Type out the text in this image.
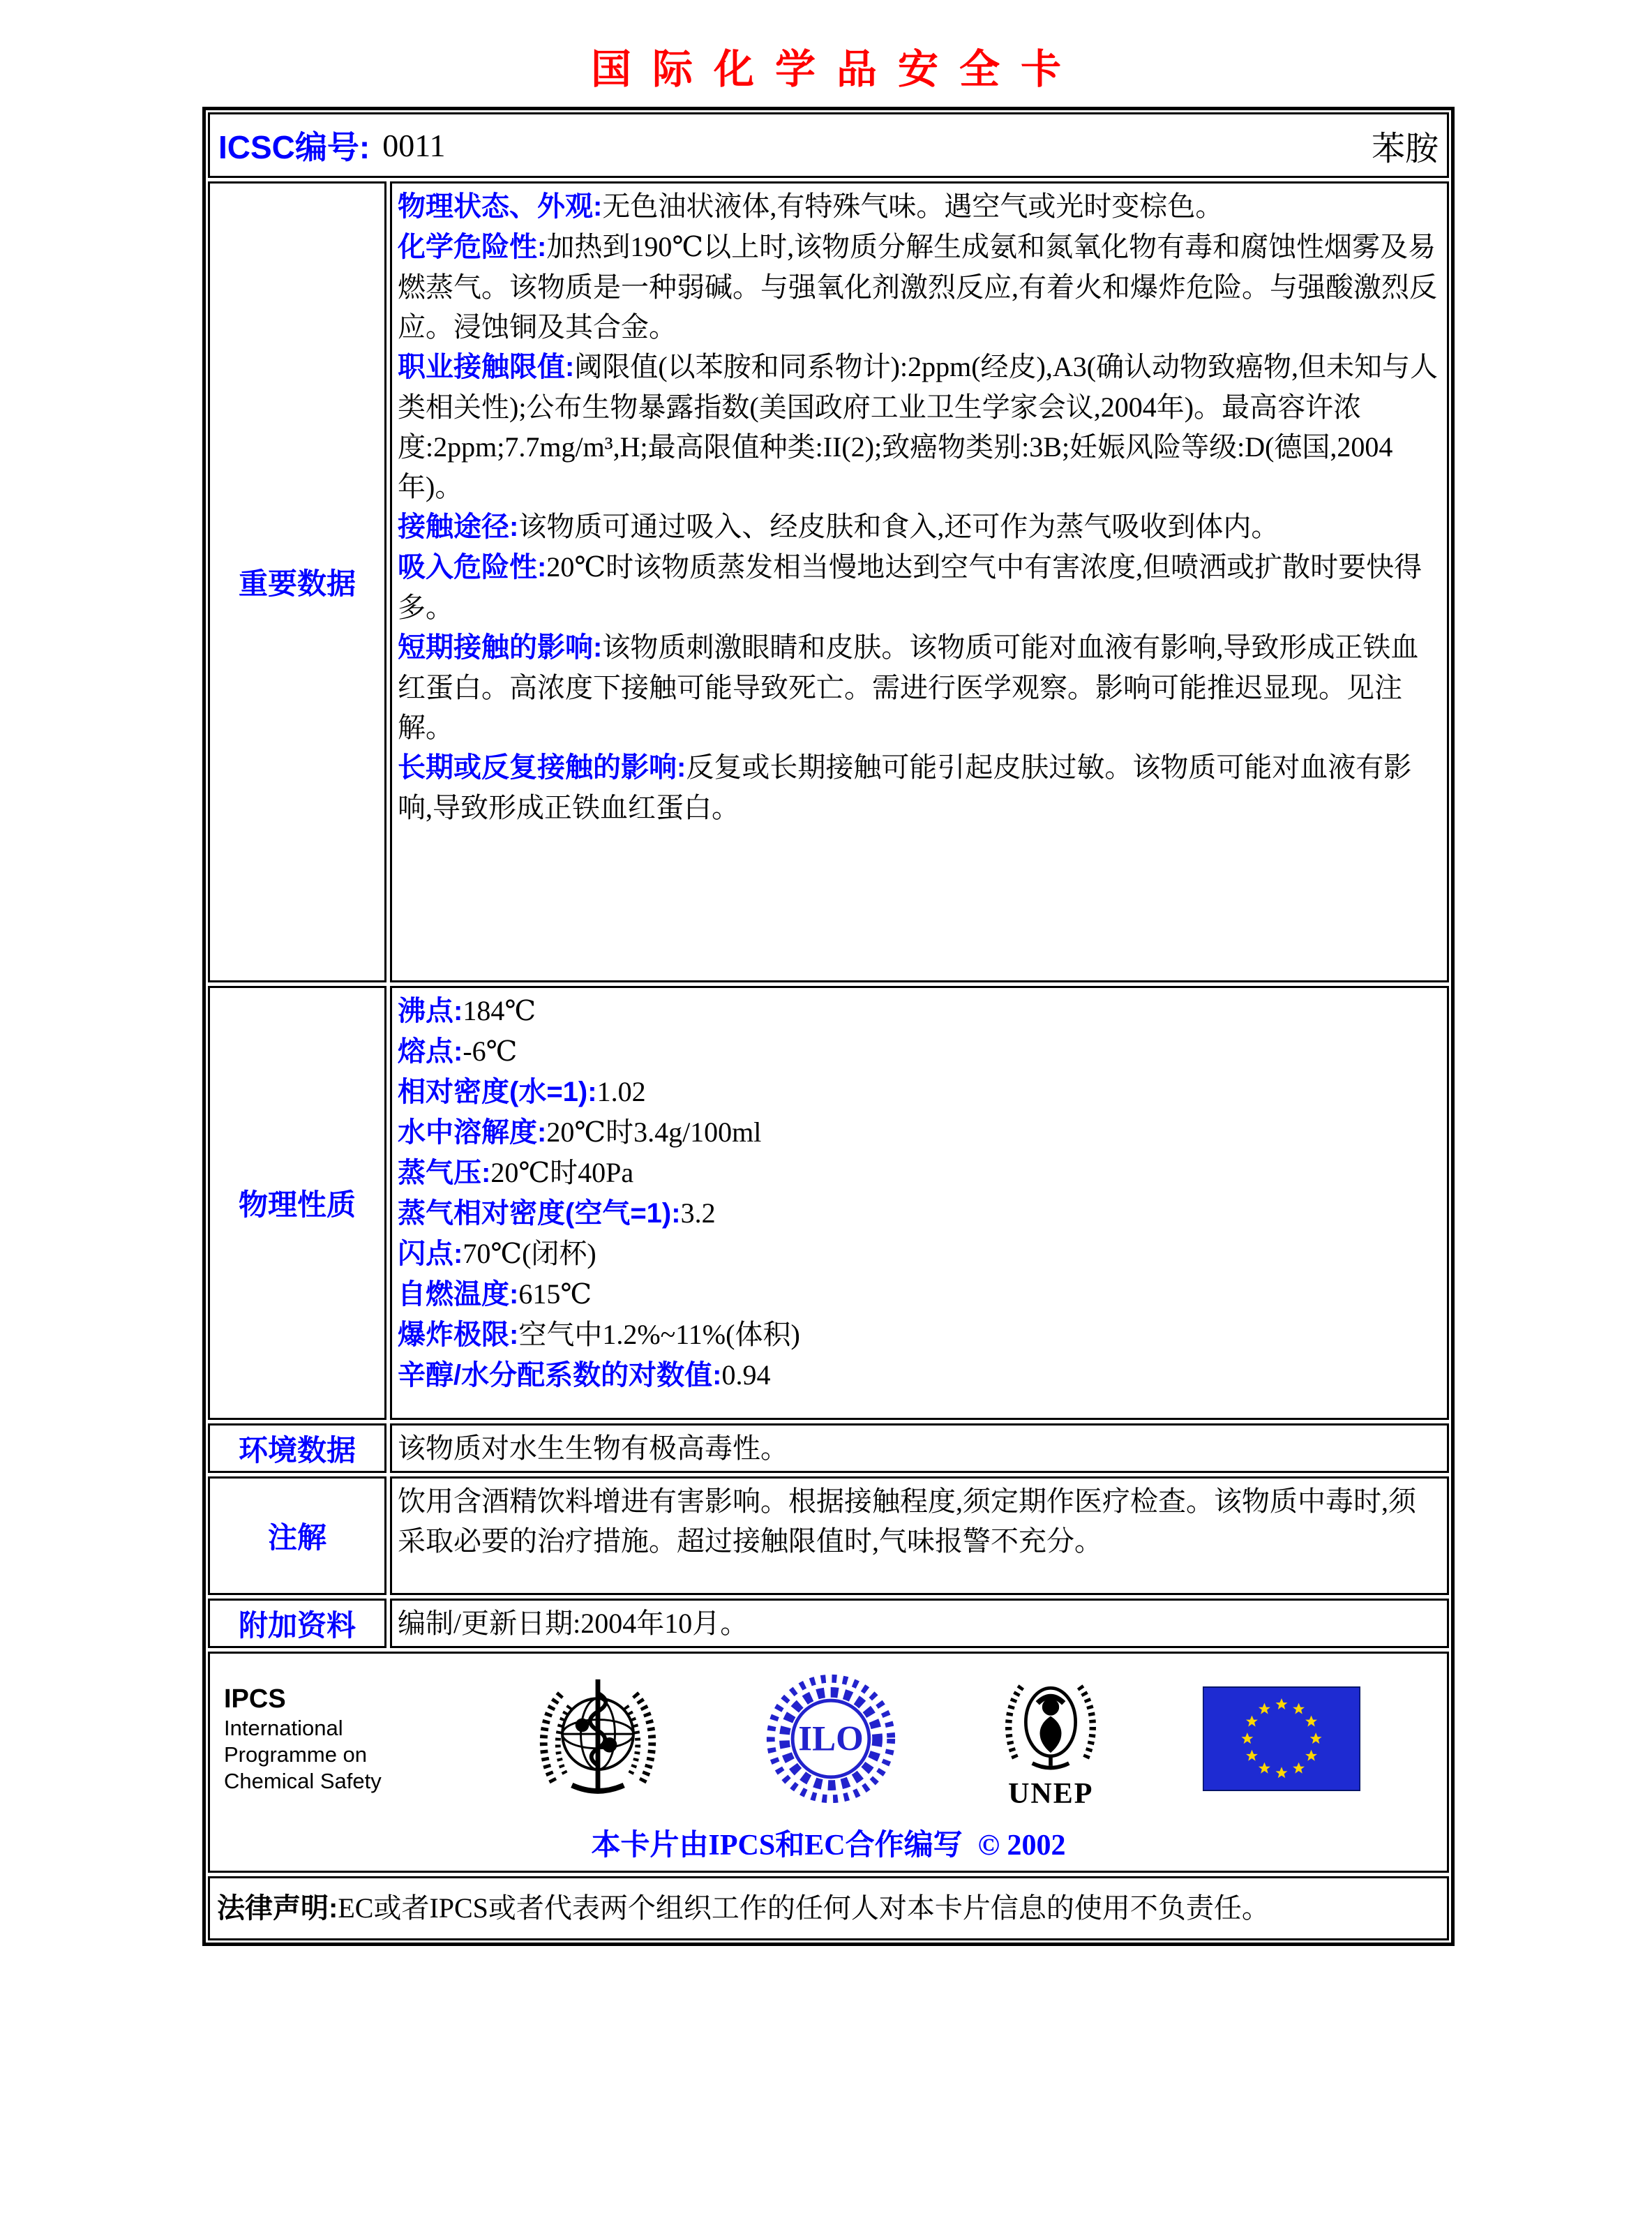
国际化学品安全卡
ICSC编号: 0011	苯胺
重要数据
物理状态、外观:无色油状液体,有特殊气味。遇空气或光时变棕色。
化学危险性:加热到190℃以上时,该物质分解生成氨和氮氧化物有毒和腐蚀性烟雾及易燃蒸气。该物质是一种弱碱。与强氧化剂激烈反应,有着火和爆炸危险。与强酸激烈反应。浸蚀铜及其合金。
职业接触限值:阈限值(以苯胺和同系物计):2ppm(经皮),A3(确认动物致癌物,但未知与人类相关性);公布生物暴露指数(美国政府工业卫生学家会议,2004年)。最高容许浓度:2ppm;7.7mg/m³,H;最高限值种类:II(2);致癌物类别:3B;妊娠风险等级:D(德国,2004年)。
接触途径:该物质可通过吸入、经皮肤和食入,还可作为蒸气吸收到体内。
吸入危险性:20℃时该物质蒸发相当慢地达到空气中有害浓度,但喷洒或扩散时要快得多。
短期接触的影响:该物质刺激眼睛和皮肤。该物质可能对血液有影响,导致形成正铁血红蛋白。高浓度下接触可能导致死亡。需进行医学观察。影响可能推迟显现。见注解。
长期或反复接触的影响:反复或长期接触可能引起皮肤过敏。该物质可能对血液有影响,导致形成正铁血红蛋白。
物理性质
沸点:184℃
熔点:-6℃
相对密度(水=1):1.02
水中溶解度:20℃时3.4g/100ml
蒸气压:20℃时40Pa
蒸气相对密度(空气=1):3.2
闪点:70℃(闭杯)
自燃温度:615℃
爆炸极限:空气中1.2%~11%(体积)
辛醇/水分配系数的对数值:0.94
环境数据 该物质对水生生物有极高毒性。
注解
饮用含酒精饮料增进有害影响。根据接触程度,须定期作医疗检查。该物质中毒时,须采取必要的治疗措施。超过接触限值时,气味报警不充分。
附加资料 编制/更新日期:2004年10月。
IPCS
International
Programme on
Chemical Safety
ILO
UNEP
本卡片由IPCS和EC合作编写 © 2002
法律声明:EC或者IPCS或者代表两个组织工作的任何人对本卡片信息的使用不负责任。
